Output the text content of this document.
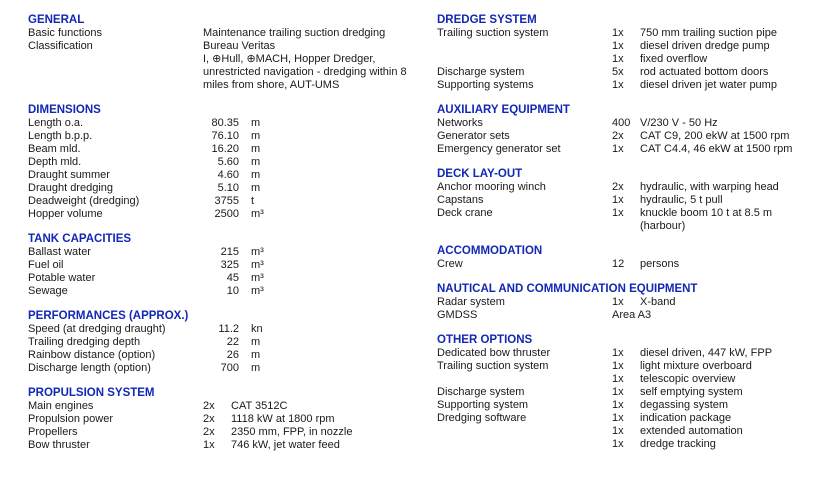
GENERAL
Basic functions	Maintenance trailing suction dredging
Classification	Bureau Veritas
I, ⊕Hull, ⊕MACH, Hopper Dredger,
unrestricted navigation - dredging within 8
miles from shore, AUT-UMS
DIMENSIONS
Length o.a.	80.35 m
Length b.p.p.	76.10 m
Beam mld.	16.20 m
Depth mld.	5.60 m
Draught summer	4.60 m
Draught dredging	5.10 m
Deadweight (dredging)	3755 t
Hopper volume	2500 m³
TANK CAPACITIES
Ballast water	215 m³
Fuel oil	325 m³
Potable water	45 m³
Sewage	10 m³
PERFORMANCES (APPROX.)
Speed (at dredging draught)	11.2 kn
Trailing dredging depth	22 m
Rainbow distance (option)	26 m
Discharge length (option)	700 m
PROPULSION SYSTEM
Main engines	2x	CAT 3512C
Propulsion power	2x	1118 kW at 1800 rpm
Propellers	2x	2350 mm, FPP, in nozzle
Bow thruster	1x	746 kW, jet water feed
DREDGE SYSTEM
Trailing suction system	1x	750 mm trailing suction pipe
1x	diesel driven dredge pump
1x	fixed overflow
Discharge system	5x	rod actuated bottom doors
Supporting systems	1x	diesel driven jet water pump
AUXILIARY EQUIPMENT
Networks	400 V/230 V - 50 Hz
Generator sets	2x	CAT C9, 200 ekW at 1500 rpm
Emergency generator set	1x	CAT C4.4, 46 ekW at 1500 rpm
DECK LAY-OUT
Anchor mooring winch	2x	hydraulic, with warping head
Capstans	1x	hydraulic, 5 t pull
Deck crane	1x	knuckle boom 10 t at 8.5 m
(harbour)
ACCOMMODATION
Crew	12	persons
NAUTICAL AND COMMUNICATION EQUIPMENT
Radar system	1x	X-band
GMDSS	Area A3
OTHER OPTIONS
Dedicated bow thruster	1x	diesel driven, 447 kW, FPP
Trailing suction system	1x	light mixture overboard
1x	telescopic overview
Discharge system	1x	self emptying system
Supporting system	1x	degassing system
Dredging software	1x	indication package
1x	extended automation
1x	dredge tracking
